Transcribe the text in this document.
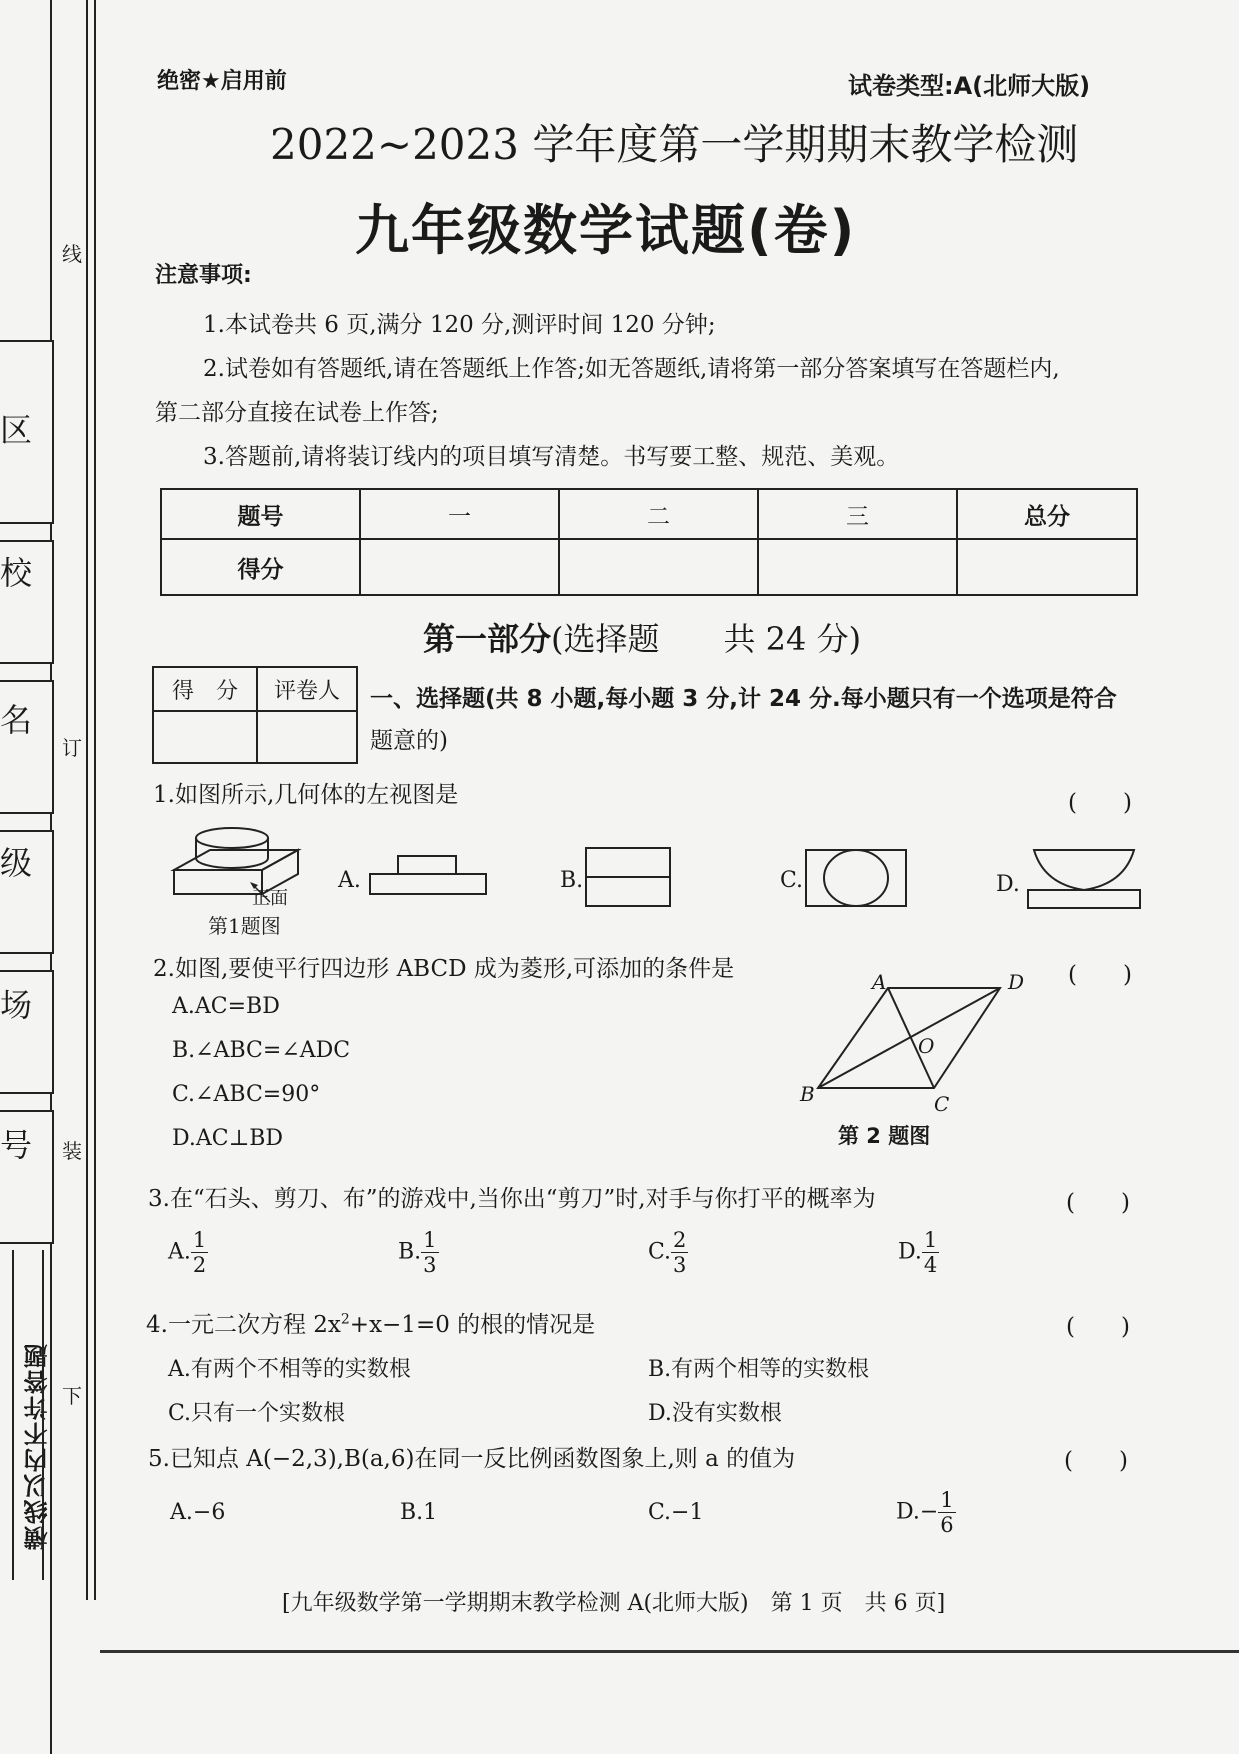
区
校
名
级
场
号
线
订
装
下
横线以内不许答题
绝密★启用前	试卷类型:A(北师大版)
2022~2023 学年度第一学期期末教学检测
九年级数学试题(卷)
注意事项:
1.本试卷共 6 页,满分 120 分,测评时间 120 分钟;
2.试卷如有答题纸,请在答题纸上作答;如无答题纸,请将第一部分答案填写在答题栏内,
第二部分直接在试卷上作答;
3.答题前,请将装订线内的项目填写清楚。书写要工整、规范、美观。
题号	一	二	三	总分
得分				
第一部分(选择题　　共 24 分)
得　分	评卷人
	一、选择题(共 8 小题,每小题 3 分,计 24 分.每小题只有一个选项是符合
题意的)
1.如图所示,几何体的左视图是	(　　)
正面
第1题图
A.	B.	C.	D.
2.如图,要使平行四边形 ABCD 成为菱形,可添加的条件是	(　　)
A.AC=BD
B.∠ABC=∠ADC
C.∠ABC=90°
D.AC⊥BD
A	D
B	C
O
第 2 题图
3.在“石头、剪刀、布”的游戏中,当你出“剪刀”时,对手与你打平的概率为	(　　)
A. $\frac{1}{2}$	B. $\frac{1}{3}$	C. $\frac{2}{3}$	D. $\frac{1}{4}$
4.一元二次方程 $2x^2+x-1=0$ 的根的情况是	(　　)
A.有两个不相等的实数根	B.有两个相等的实数根
C.只有一个实数根	D.没有实数根
5.已知点 A(−2,3),B(a,6)在同一反比例函数图象上,则 a 的值为	(　　)
A.−6	B.1	C.−1	$D.- \frac{1}{6}$
[九年级数学第一学期期末教学检测 A(北师大版)　第 1 页　共 6 页]
